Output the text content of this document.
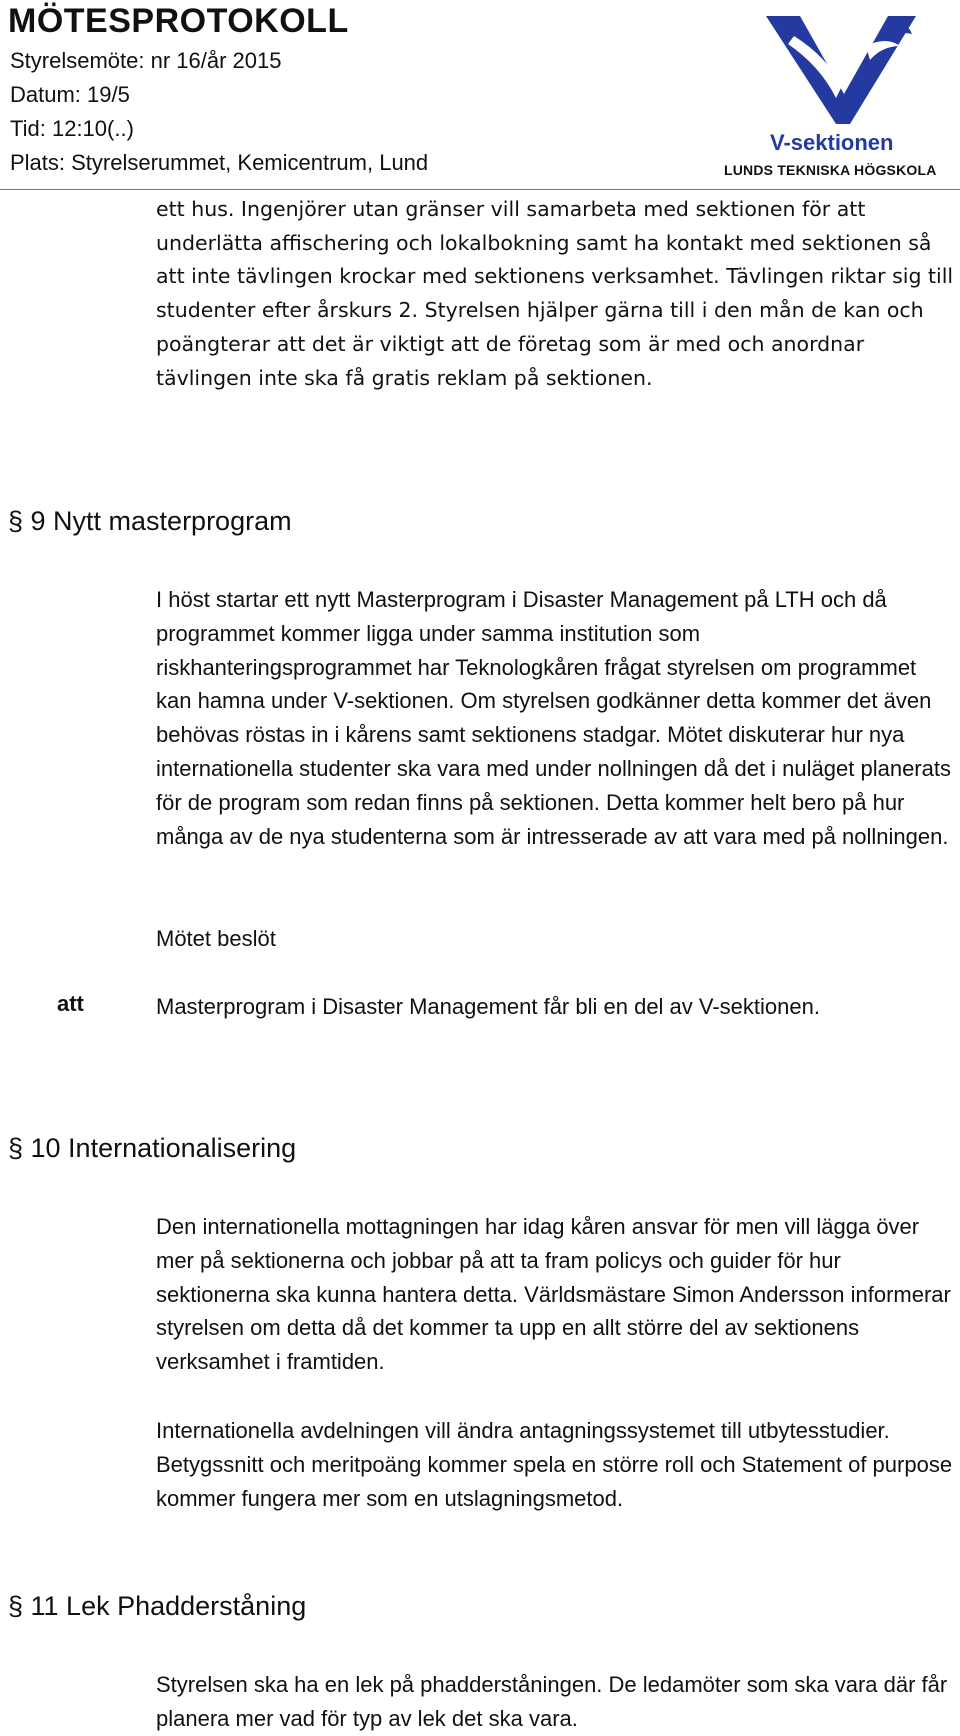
MÖTESPROTOKOLL
Styrelsemöte: nr 16/år 2015
Datum: 19/5
Tid: 12:10(..)
Plats: Styrelserummet, Kemicentrum, Lund
V-sektionen
LUNDS TEKNISKA HÖGSKOLA

ett hus. Ingenjörer utan gränser vill samarbeta med sektionen för att underlätta affischering och lokalbokning samt ha kontakt med sektionen så att inte tävlingen krockar med sektionens verksamhet. Tävlingen riktar sig till studenter efter årskurs 2. Styrelsen hjälper gärna till i den mån de kan och poängterar att det är viktigt att de företag som är med och anordnar tävlingen inte ska få gratis reklam på sektionen.

§ 9 Nytt masterprogram

I höst startar ett nytt Masterprogram i Disaster Management på LTH och då programmet kommer ligga under samma institution som riskhanteringsprogrammet har Teknologkåren frågat styrelsen om programmet kan hamna under V-sektionen. Om styrelsen godkänner detta kommer det även behövas röstas in i kårens samt sektionens stadgar. Mötet diskuterar hur nya internationella studenter ska vara med under nollningen då det i nuläget planerats för de program som redan finns på sektionen. Detta kommer helt bero på hur många av de nya studenterna som är intresserade av att vara med på nollningen.

Mötet beslöt

att	Masterprogram i Disaster Management får bli en del av V-sektionen.

§ 10 Internationalisering

Den internationella mottagningen har idag kåren ansvar för men vill lägga över mer på sektionerna och jobbar på att ta fram policys och guider för hur sektionerna ska kunna hantera detta. Världsmästare Simon Andersson informerar styrelsen om detta då det kommer ta upp en allt större del av sektionens verksamhet i framtiden.

Internationella avdelningen vill ändra antagningssystemet till utbytesstudier. Betygssnitt och meritpoäng kommer spela en större roll och Statement of purpose kommer fungera mer som en utslagningsmetod.

§ 11 Lek Phadderståning

Styrelsen ska ha en lek på phadderståningen. De ledamöter som ska vara där får planera mer vad för typ av lek det ska vara.
